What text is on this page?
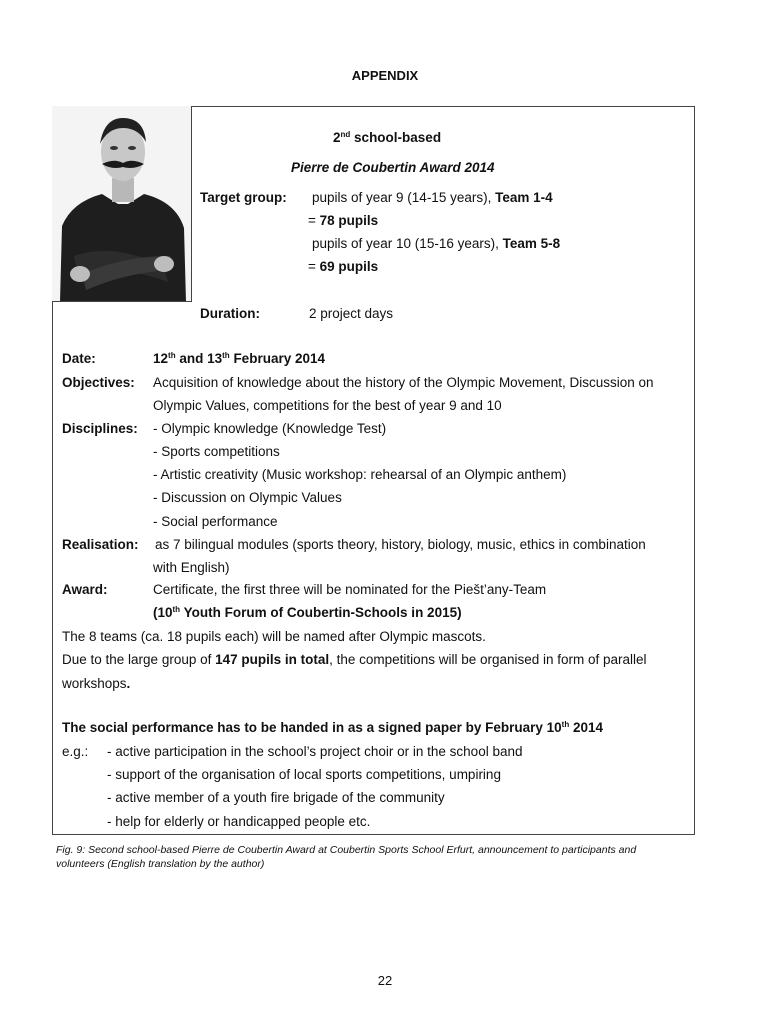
APPENDIX
2nd school-based
Pierre de Coubertin Award 2014
Target group: pupils of year 9 (14-15 years), Team 1-4
= 78 pupils
pupils of year 10 (15-16 years), Team 5-8
= 69 pupils
Duration:	2 project days
Date:	12th and 13th February 2014
Objectives: Acquisition of knowledge about the history of the Olympic Movement, Discussion on
Olympic Values, competitions for the best of year 9 and 10
Disciplines: - Olympic knowledge (Knowledge Test)
- Sports competitions
- Artistic creativity (Music workshop: rehearsal of an Olympic anthem)
- Discussion on Olympic Values
- Social performance
Realisation: as 7 bilingual modules (sports theory, history, biology, music, ethics in combination
with English)
Award:	Certificate, the first three will be nominated for the Piešt’any-Team
(10th Youth Forum of Coubertin-Schools in 2015)
The 8 teams (ca. 18 pupils each) will be named after Olympic mascots.
Due to the large group of 147 pupils in total, the competitions will be organised in form of parallel
workshops.
The social performance has to be handed in as a signed paper by February 10th 2014
e.g.: - active participation in the school’s project choir or in the school band
- support of the organisation of local sports competitions, umpiring
- active member of a youth fire brigade of the community
- help for elderly or handicapped people etc.
Fig. 9: Second school-based Pierre de Coubertin Award at Coubertin Sports School Erfurt, announcement to participants and
volunteers (English translation by the author)
22
